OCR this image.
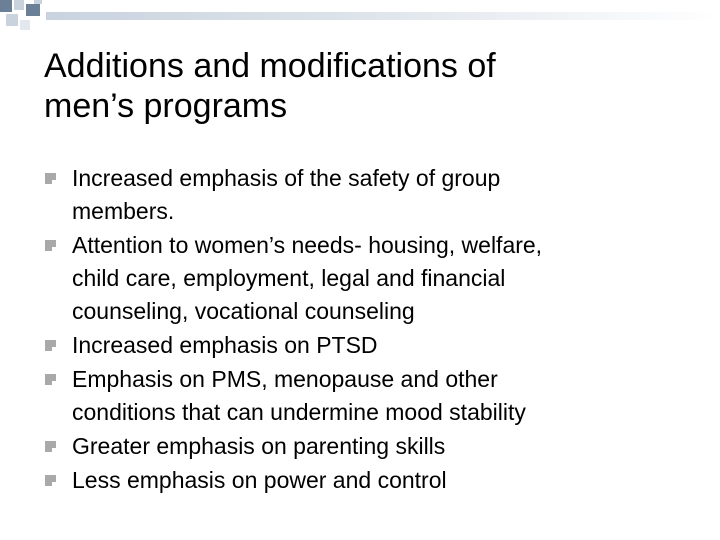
Additions and modifications of
men’s programs
Increased emphasis of the safety of group
members.
Attention to women’s needs- housing, welfare,
child care, employment, legal and financial
counseling, vocational counseling
Increased emphasis on PTSD
Emphasis on PMS, menopause and other
conditions that can undermine mood stability
Greater emphasis on parenting skills
Less emphasis on power and control
